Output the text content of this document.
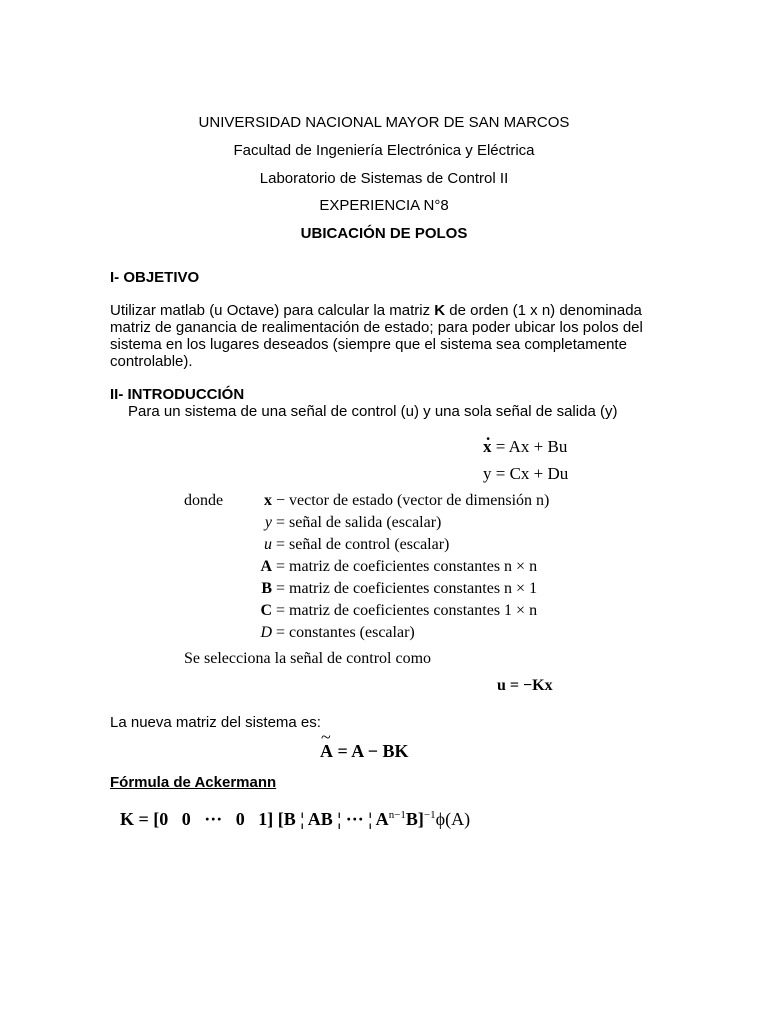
UNIVERSIDAD NACIONAL MAYOR DE SAN MARCOS
Facultad de Ingeniería Electrónica y Eléctrica
Laboratorio de Sistemas de Control II
EXPERIENCIA N°8
UBICACIÓN DE POLOS
I- OBJETIVO
Utilizar matlab (u Octave) para calcular la matriz K de orden (1 x n) denominada matriz de ganancia de realimentación de estado; para poder ubicar los polos del sistema en los lugares deseados (siempre que el sistema sea completamente controlable).
II- INTRODUCCIÓN
Para un sistema de una señal de control (u) y una sola señal de salida (y)
. x = Ax + Bu
y = Cx + Du
donde	x
− vector de estado (vector de dimensión n)
y
= señal de salida (escalar)
u
= señal de control (escalar)
A
= matriz de coeficientes constantes n × n
B
= matriz de coeficientes constantes n × 1
C
= matriz de coeficientes constantes 1 × n
D
= constantes (escalar)
Se selecciona la señal de control como
u = −Kx
La nueva matriz del sistema es:
~ A = A − BK
Fórmula de Ackermann
K = [0   0   ···   0   1] [B ¦ AB ¦ ··· ¦ $A^{n-1}B]^{-1}\phi(A)$
